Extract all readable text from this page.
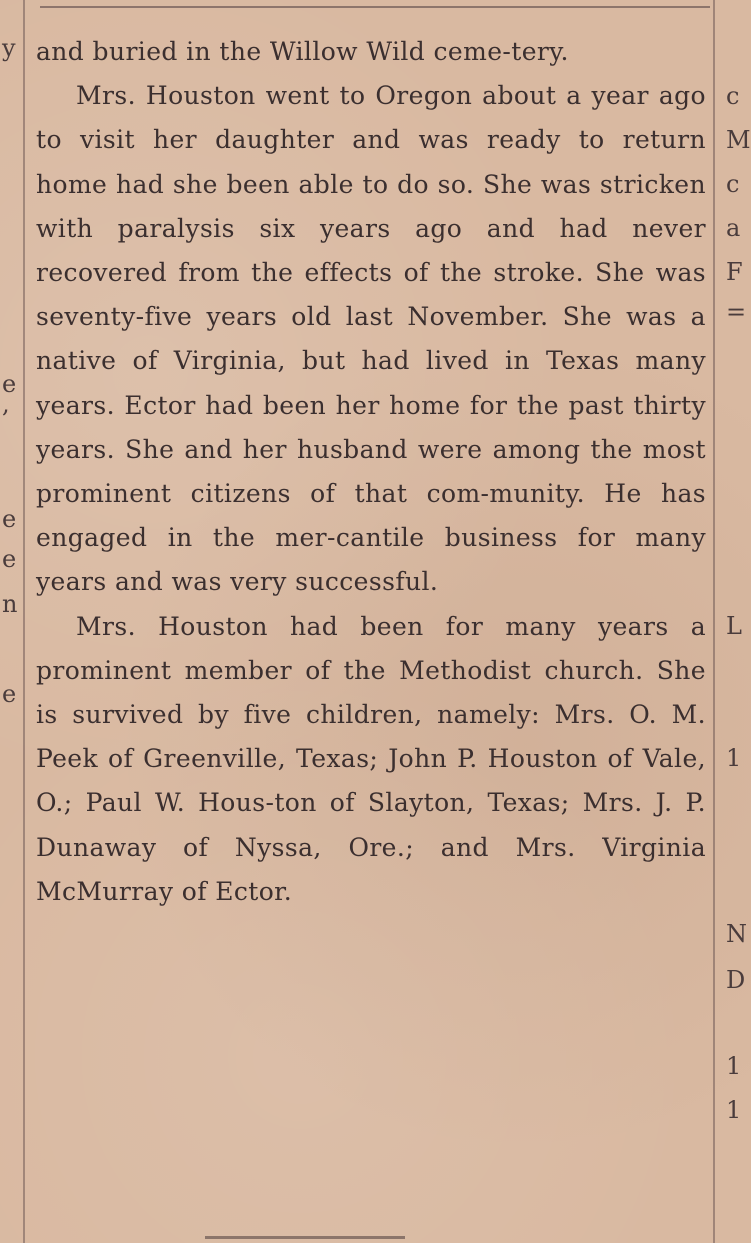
y
e
,
e
e
n
e
c
M
c
a
F
=
L
1
N
D
1
1

and buried in the Willow Wild ceme-tery.

Mrs. Houston went to Oregon about a year ago to visit her daughter and was ready to return home had she been able to do so. She was stricken with paralysis six years ago and had never recovered from the effects of the stroke. She was seventy-five years old last November. She was a native of Virginia, but had lived in Texas many years. Ector had been her home for the past thirty years. She and her husband were among the most prominent citizens of that com-munity. He has engaged in the mer-cantile business for many years and was very successful.

Mrs. Houston had been for many years a prominent member of the Methodist church. She is survived by five children, namely: Mrs. O. M. Peek of Greenville, Texas; John P. Houston of Vale, O.; Paul W. Hous-ton of Slayton, Texas; Mrs. J. P. Dunaway of Nyssa, Ore.; and Mrs. Virginia McMurray of Ector.
